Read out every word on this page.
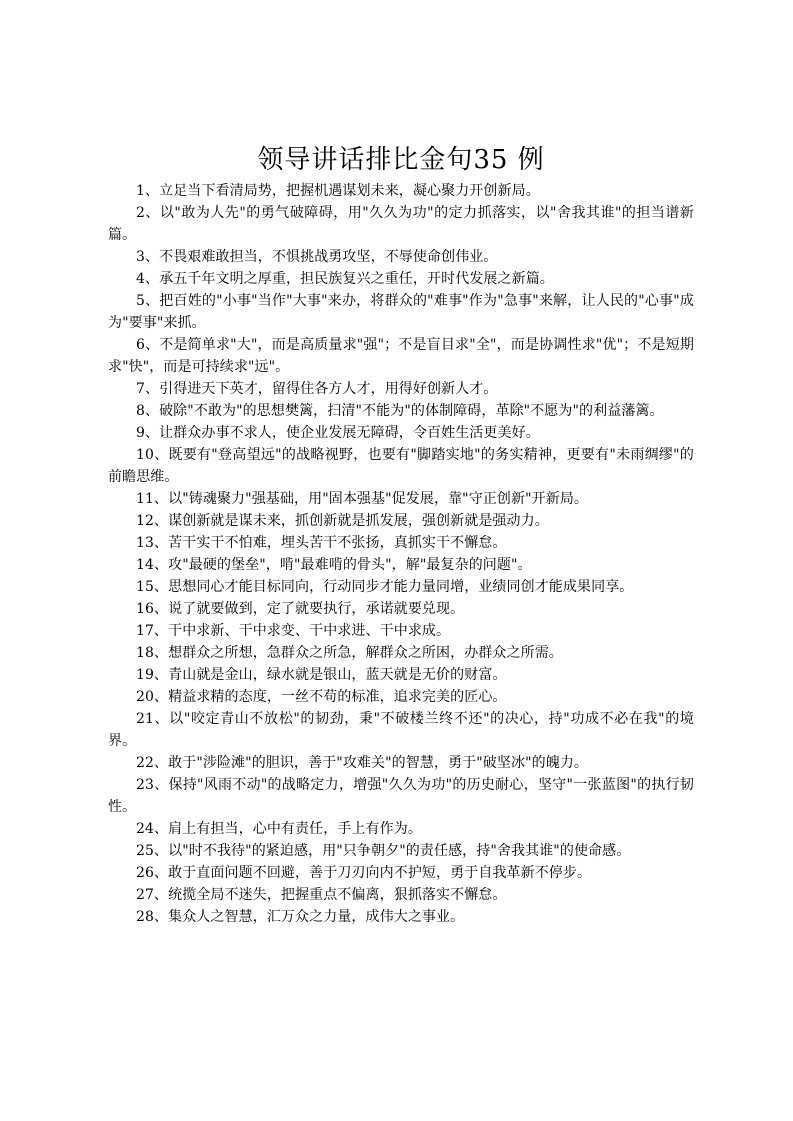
领导讲话排比金句35 例
1、立足当下看清局势，把握机遇谋划未来，凝心聚力开创新局。
2、以"敢为人先"的勇气破障碍，用"久久为功"的定力抓落实，以"舍我其谁"的担当谱新篇。
3、不畏艰难敢担当，不惧挑战勇攻坚，不辱使命创伟业。
4、承五千年文明之厚重，担民族复兴之重任，开时代发展之新篇。
5、把百姓的"小事"当作"大事"来办，将群众的"难事"作为"急事"来解，让人民的"心事"成为"要事"来抓。
6、不是简单求"大"，而是高质量求"强"；不是盲目求"全"，而是协调性求"优"；不是短期求"快"，而是可持续求"远"。
7、引得进天下英才，留得住各方人才，用得好创新人才。
8、破除"不敢为"的思想樊篱，扫清"不能为"的体制障碍，革除"不愿为"的利益藩篱。
9、让群众办事不求人，使企业发展无障碍，令百姓生活更美好。
10、既要有"登高望远"的战略视野，也要有"脚踏实地"的务实精神，更要有"未雨绸缪"的前瞻思维。
11、以"铸魂聚力"强基础，用"固本强基"促发展，靠"守正创新"开新局。
12、谋创新就是谋未来，抓创新就是抓发展，强创新就是强动力。
13、苦干实干不怕难，埋头苦干不张扬，真抓实干不懈怠。
14、攻"最硬的堡垒"，啃"最难啃的骨头"，解"最复杂的问题"。
15、思想同心才能目标同向，行动同步才能力量同增，业绩同创才能成果同享。
16、说了就要做到，定了就要执行，承诺就要兑现。
17、干中求新、干中求变、干中求进、干中求成。
18、想群众之所想，急群众之所急，解群众之所困，办群众之所需。
19、青山就是金山，绿水就是银山，蓝天就是无价的财富。
20、精益求精的态度，一丝不苟的标准，追求完美的匠心。
21、以"咬定青山不放松"的韧劲，秉"不破楼兰终不还"的决心，持"功成不必在我"的境界。
22、敢于"涉险滩"的胆识，善于"攻难关"的智慧，勇于"破坚冰"的魄力。
23、保持"风雨不动"的战略定力，增强"久久为功"的历史耐心，坚守"一张蓝图"的执行韧性。
24、肩上有担当，心中有责任，手上有作为。
25、以"时不我待"的紧迫感，用"只争朝夕"的责任感，持"舍我其谁"的使命感。
26、敢于直面问题不回避，善于刀刃向内不护短，勇于自我革新不停步。
27、统揽全局不迷失，把握重点不偏离，狠抓落实不懈怠。
28、集众人之智慧，汇万众之力量，成伟大之事业。
